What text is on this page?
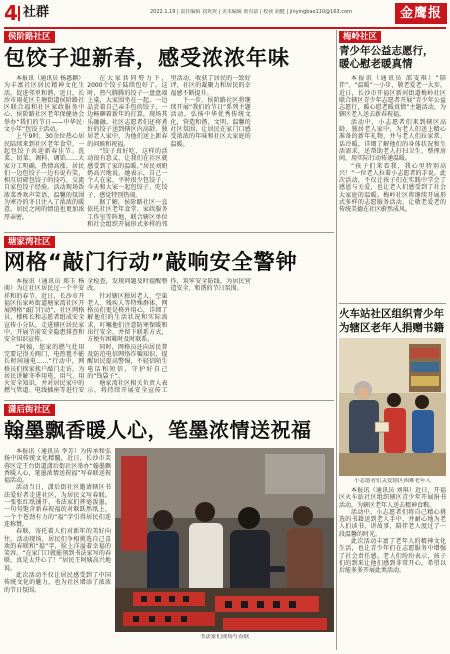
4 社群	2022.1.19 | 责任编辑 刘欢欢 | 美术编辑 黄有富 | 校读 胡健 | jinyingbao110@163.com	金鹰报
侯阶路社区
包饺子迎新春，感受浓浓年味

本报讯（通讯员 杨惠颖）为丰富社区居民精神文化生活，促进邻里和谐，近日，长沙市雨花区圭塘街道侯阶路社区联合福和社区家政服务中心、侯阶路社区老年保健协会举办“我们的节日——中华民·文小年”包饺子活动。

上午9时，30余位热心居民陆续来到社区老年食堂，一起包饺子共迎新春佳节。洗菜、切菜、调料、调馅……大家分工明确，热情高涨。居民们一边包饺子一边有说有笑，相互切磋包饺子的技巧，交流自家包饺子经验。活动现场饭浓菜香欢声笑语，温馨的氛围为寒冷的冬日注入了浓浓的暖意，居民之间的情谊也更加浓厚亲密。

在大家共同努力下，2000个饺子陆续包好了。这时，热气腾腾的饺子一盘盘端上桌，大家围坐在一起，一边品尝着自己亲手包的饺子，一边畅聊着新年的打算，现场其乐融融。社区志愿者们还将煮好的饺子送到辖区内高龄、独居老人家中，为他们送上新春的问候和祝福。

“饺子真好吃，这样的活动很有意义，让我们在社区就感受到了家的温暖。”居民刘奶奶高兴地说。她表示，自己一个人在家，平时很少包饺子，今天和大家一起包饺子、吃饺子，感觉特别热闹。

据了解，侯阶路社区一直依托社区老年食堂、家政服务工作室等阵地，联合辖区单位和社会组织开展形式多样的邻里活动，收获了居民的一致好评，社区的凝聚力和居民的幸福感不断提升。

下一步，侯阶路社区将继续开展“我们的节日”系列主题活动，弘扬中华优秀传统文化，营造和谐、文明、温馨的社区氛围，让居民在家门口感受浓浓的年味和社区大家庭的温暖。

塘家湾社区
网格“敲门行动”敲响安全警钟

本报讯（通讯员 郑玉 杨萌）为让社区居民过一个平安祥和的春节，近日，长沙市开福区伍家岭街道塘家湾社区开展网格“敲门行动”，社区网格员、楼栋长和志愿者组成安全宣传小分队，走进辖区居民家中，开展节前安全隐患排查和安全知识宣传。

“阿姨，您家的燃气灶用完要记得关阀门，电热毯不能长时间通电……”行动中，网格员们挨家挨户敲门走访，为居民讲解冬季用电、用气、用火安全知识，并对居民家中的燃气管道、电线插座等进行安全检查，发现问题及时提醒整改。

针对辖区独居老人、空巢老人、残疾人等特殊群体，网格员们更是格外用心，详细了解他们的生活状况和实际需求，叮嘱他们注意防寒保暖和出行安全，并留下联系方式，方便有困难时及时联系。

同时，网格员还向居民普及防范电信网络诈骗知识，提醒居民提高警惕，不轻信陌生电话和短信，守护好自己的“钱袋子”。

塘家湾社区相关负责人表示，将持续开展安全宣传工作，筑牢安全防线，为居民营造安全、和谐的节日氛围。

潇后街社区
翰墨飘香暖人心，笔墨浓情送祝福

本报讯（通讯员 李芳）为传承和弘扬中国传统文化精髓，近日，长沙市芙蓉区定王台街道潇后街社区举办“翰墨飘香暖人心，笔墨浓情送祝福”写春联送祝福活动。

活动当日，潇后街社区邀请辖区书法爱好者走进社区，为居民义写春联。一张张红纸铺开，书法家们挥毫泼墨，一句句饱含新春祝福的对联跃然纸上，一个个苍劲有力的“福”字引得居民们连连称赞。

春联，寄托着人们对新年的美好向往。活动现场，居民们争相挑选自己喜欢的春联和“福”字，脸上洋溢着幸福的笑容。“在家门口就能领到书法家写的春联，真是太开心了！”居民王阿姨高兴地说。

此次活动不仅让居民感受到了中国传统文化的魅力，也为社区增添了浓浓的节日氛围。

书法家们现场写春联
梅岭社区
青少年公益志愿行，
暖心慰老暖真情

本报讯（通讯员 邵雯琪）“陪伴”、“温暖”一小步，敬老爱老一大步。近日，长沙市开福区新河街道梅岭社区联合辖区青少年志愿者开展“青少年公益志愿行，暖心慰老暖真情”主题活动，为辖区老人送去新春祝福。

活动中，小志愿者们来到辖区高龄、独居老人家中，为老人们送上精心准备的新年礼物，并与老人们拉家常、话冷暖，详细了解他们的身体状况和生活需求，还帮助老人打扫卫生、整理房间，用实际行动传递温暖。

“孩子们来看我，我心里特别高兴！”一位老人拉着小志愿者的手说。此次活动，不仅让孩子们在实践中学会了感恩与关爱，也让老人们感受到了社会大家庭的温暖。梅岭社区将继续开展形式多样的志愿服务活动，让敬老爱老的传统美德在社区蔚然成风。

火车站社区组织青少年
为辖区老年人捐赠书籍
小志愿者们关爱辖区困难老年人

本报讯（通讯员 刘琪）近日，开福区火车站社区组织辖区青少年开展捐书活动，为辖区老年人送去精神食粮。

活动中，小志愿者们将自己精心挑选的书籍送到老人手中，并耐心地为老人们读书、讲故事，陪伴老人度过了一段温馨的时光。

此次活动丰富了老年人的精神文化生活，也让青少年们在志愿服务中增强了社会责任感。老人们纷纷表示，孩子们的到来让他们感到非常开心，希望以后能多多开展此类活动。
